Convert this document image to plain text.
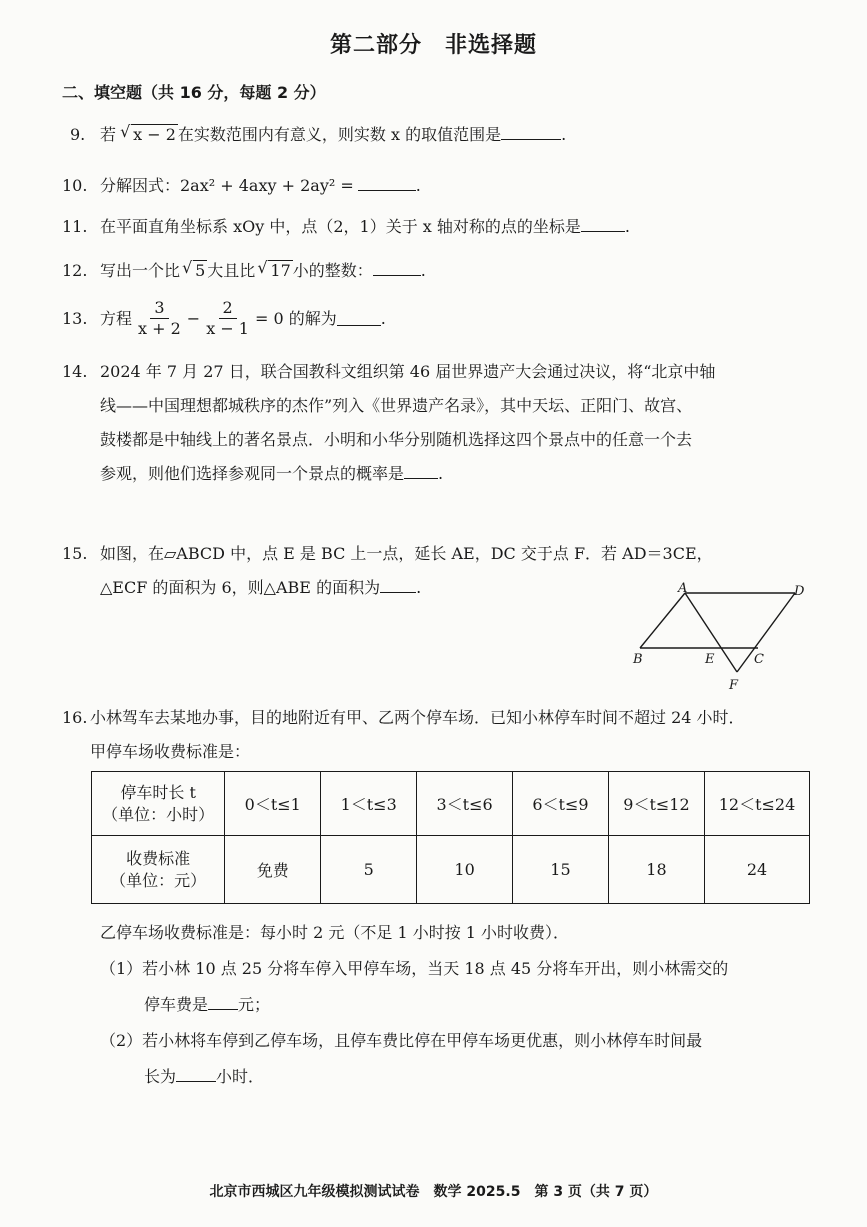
第二部分　非选择题
二、填空题（共 16 分，每题 2 分）
9. 若 √ x − 2 在实数范围内有意义，则实数 x 的取值范围是	.
10. 分解因式：2ax² + 4axy + 2ay² =	.
11. 在平面直角坐标系 xOy 中，点（2，1）关于 x 轴对称的点的坐标是	.
12. 写出一个比 √ 5 大且比 √ 17 小的整数：	.
13. 方程 $\frac{3}{x + 2} - \frac{2}{x - 1} = 0$ 的解为	.
14. 2024 年 7 月 27 日，联合国教科文组织第 46 届世界遗产大会通过决议，将“北京中轴
线——中国理想都城秩序的杰作”列入《世界遗产名录》，其中天坛、正阳门、故宫、
鼓楼都是中轴线上的著名景点．小明和小华分别随机选择这四个景点中的任意一个去
参观，则他们选择参观同一个景点的概率是 .
15. 如图，在▱ABCD 中，点 E 是 BC 上一点，延长 AE，DC 交于点 F．若 AD＝3CE，
△ECF 的面积为 6，则△ABE 的面积为 .	A	D
B	E	C
F
16. 小林驾车去某地办事，目的地附近有甲、乙两个停车场．已知小林停车时间不超过 24 小时．
甲停车场收费标准是：
停车时长 t
（单位：小时）	0＜t≤1	1＜t≤3	3＜t≤6	6＜t≤9	9＜t≤12	12＜t≤24

收费标准
（单位：元）	免费	5	10	15	18	24
乙停车场收费标准是：每小时 2 元（不足 1 小时按 1 小时收费）．
（1）若小林 10 点 25 分将车停入甲停车场，当天 18 点 45 分将车开出，则小林需交的
停车费是 元；
（2）若小林将车停到乙停车场，且停车费比停在甲停车场更优惠，则小林停车时间最
长为	小时．
北京市西城区九年级模拟测试试卷　数学 2025.5　第 3 页（共 7 页）
